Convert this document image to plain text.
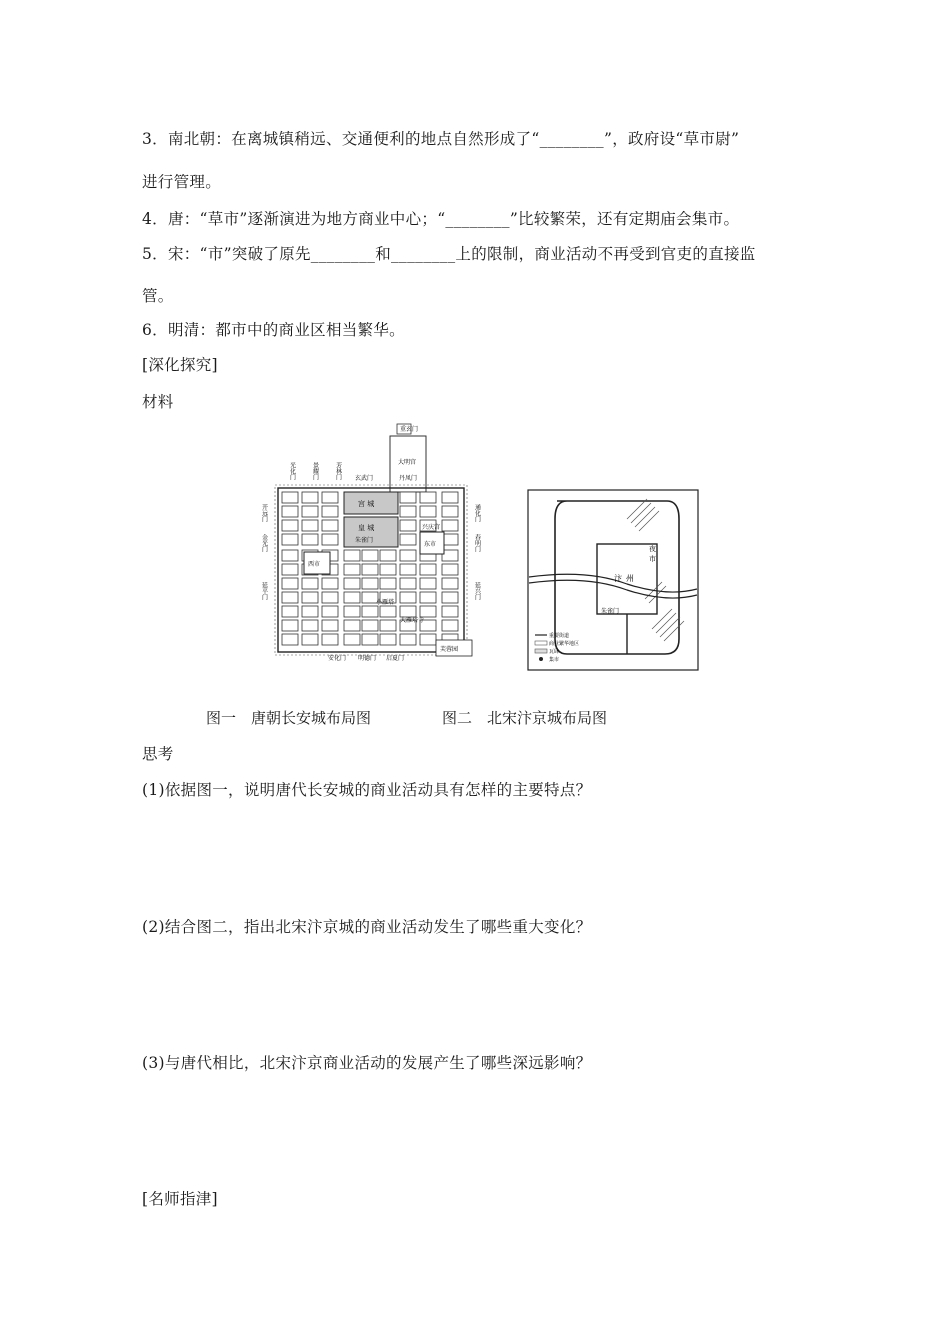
3．南北朝：在离城镇稍远、交通便利的地点自然形成了“________”，政府设“草市尉”
进行管理。
4．唐：“草市”逐渐演进为地方商业中心；“________”比较繁荣，还有定期庙会集市。
5．宋：“市”突破了原先________和________上的限制，商业活动不再受到官吏的直接监
管。
6．明清：都市中的商业区相当繁华。
[深化探究]
材料
重玄门
大明宫
丹凤门
玄武门
光化门	景耀门	芳林门
宫 城
皇 城
朱雀门
开远门
金光门
延平门
通化门
春明门
延兴门
兴庆宫
西市
东市
小雁塔
大雁塔寺
安化门 明德门 启夏门
芙蓉园
汴 州
夜
市
朱雀门
重要街道
商业繁华地区
瓦肆
集市
图一　唐朝长安城布局图	图二　北宋汴京城布局图
思考
(1)依据图一，说明唐代长安城的商业活动具有怎样的主要特点？
(2)结合图二，指出北宋汴京城的商业活动发生了哪些重大变化？
(3)与唐代相比，北宋汴京商业活动的发展产生了哪些深远影响？
[名师指津]
